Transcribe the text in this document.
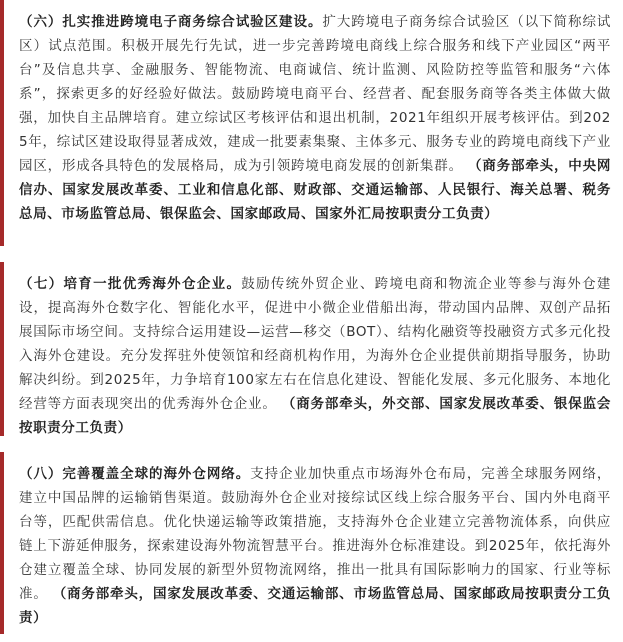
（六）扎实推进跨境电子商务综合试验区建设。扩大跨境电子商务综合试验区（以下简称综试区）试点范围。积极开展先行先试，进一步完善跨境电商线上综合服务和线下产业园区“两平台”及信息共享、金融服务、智能物流、电商诚信、统计监测、风险防控等监管和服务“六体系”，探索更多的好经验好做法。鼓励跨境电商平台、经营者、配套服务商等各类主体做大做强，加快自主品牌培育。建立综试区考核评估和退出机制，2021年组织开展考核评估。到2025年，综试区建设取得显著成效，建成一批要素集聚、主体多元、服务专业的跨境电商线下产业园区，形成各具特色的发展格局，成为引领跨境电商发展的创新集群。 （商务部牵头，中央网信办、国家发展改革委、工业和信息化部、财政部、交通运输部、人民银行、海关总署、税务总局、市场监管总局、银保监会、国家邮政局、国家外汇局按职责分工负责）

（七）培育一批优秀海外仓企业。鼓励传统外贸企业、跨境电商和物流企业等参与海外仓建设，提高海外仓数字化、智能化水平，促进中小微企业借船出海，带动国内品牌、双创产品拓展国际市场空间。支持综合运用建设—运营—移交（BOT）、结构化融资等投融资方式多元化投入海外仓建设。充分发挥驻外使领馆和经商机构作用，为海外仓企业提供前期指导服务，协助解决纠纷。到2025年，力争培育100家左右在信息化建设、智能化发展、多元化服务、本地化经营等方面表现突出的优秀海外仓企业。 （商务部牵头，外交部、国家发展改革委、银保监会按职责分工负责）

（八）完善覆盖全球的海外仓网络。支持企业加快重点市场海外仓布局，完善全球服务网络，建立中国品牌的运输销售渠道。鼓励海外仓企业对接综试区线上综合服务平台、国内外电商平台等，匹配供需信息。优化快递运输等政策措施，支持海外仓企业建立完善物流体系，向供应链上下游延伸服务，探索建设海外物流智慧平台。推进海外仓标准建设。到2025年，依托海外仓建立覆盖全球、协同发展的新型外贸物流网络，推出一批具有国际影响力的国家、行业等标准。 （商务部牵头，国家发展改革委、交通运输部、市场监管总局、国家邮政局按职责分工负责）
